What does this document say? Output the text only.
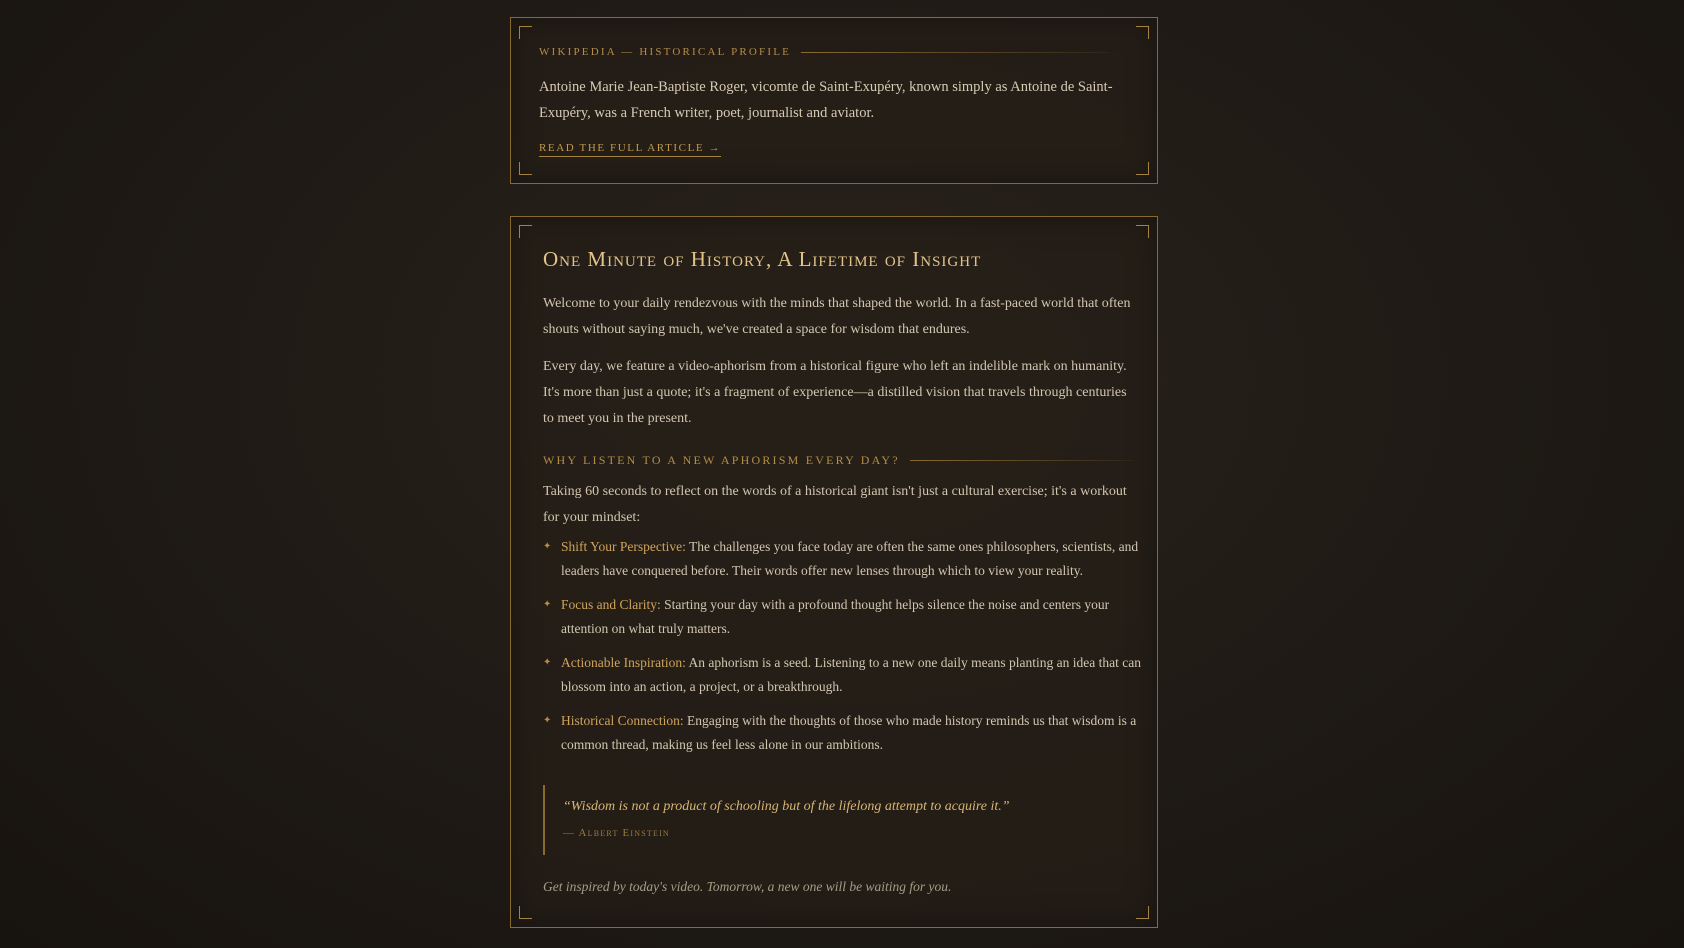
WIKIPEDIA — HISTORICAL PROFILE

Antoine Marie Jean-Baptiste Roger, vicomte de Saint-Exupéry, known simply as Antoine de Saint-Exupéry, was a French writer, poet, journalist and aviator.

READ THE FULL ARTICLE →
One Minute of History, A Lifetime of Insight

Welcome to your daily rendezvous with the minds that shaped the world. In a fast-paced world that often shouts without saying much, we've created a space for wisdom that endures.

Every day, we feature a video-aphorism from a historical figure who left an indelible mark on humanity. It's more than just a quote; it's a fragment of experience—a distilled vision that travels through centuries to meet you in the present.

WHY LISTEN TO A NEW APHORISM EVERY DAY?

Taking 60 seconds to reflect on the words of a historical giant isn't just a cultural exercise; it's a workout for your mindset:

✦ Shift Your Perspective: The challenges you face today are often the same ones philosophers, scientists, and leaders have conquered before. Their words offer new lenses through which to view your reality.
✦ Focus and Clarity: Starting your day with a profound thought helps silence the noise and centers your attention on what truly matters.
✦ Actionable Inspiration: An aphorism is a seed. Listening to a new one daily means planting an idea that can blossom into an action, a project, or a breakthrough.
✦ Historical Connection: Engaging with the thoughts of those who made history reminds us that wisdom is a common thread, making us feel less alone in our ambitions.
“Wisdom is not a product of schooling but of the lifelong attempt to acquire it.”
— Albert Einstein

Get inspired by today's video. Tomorrow, a new one will be waiting for you.
